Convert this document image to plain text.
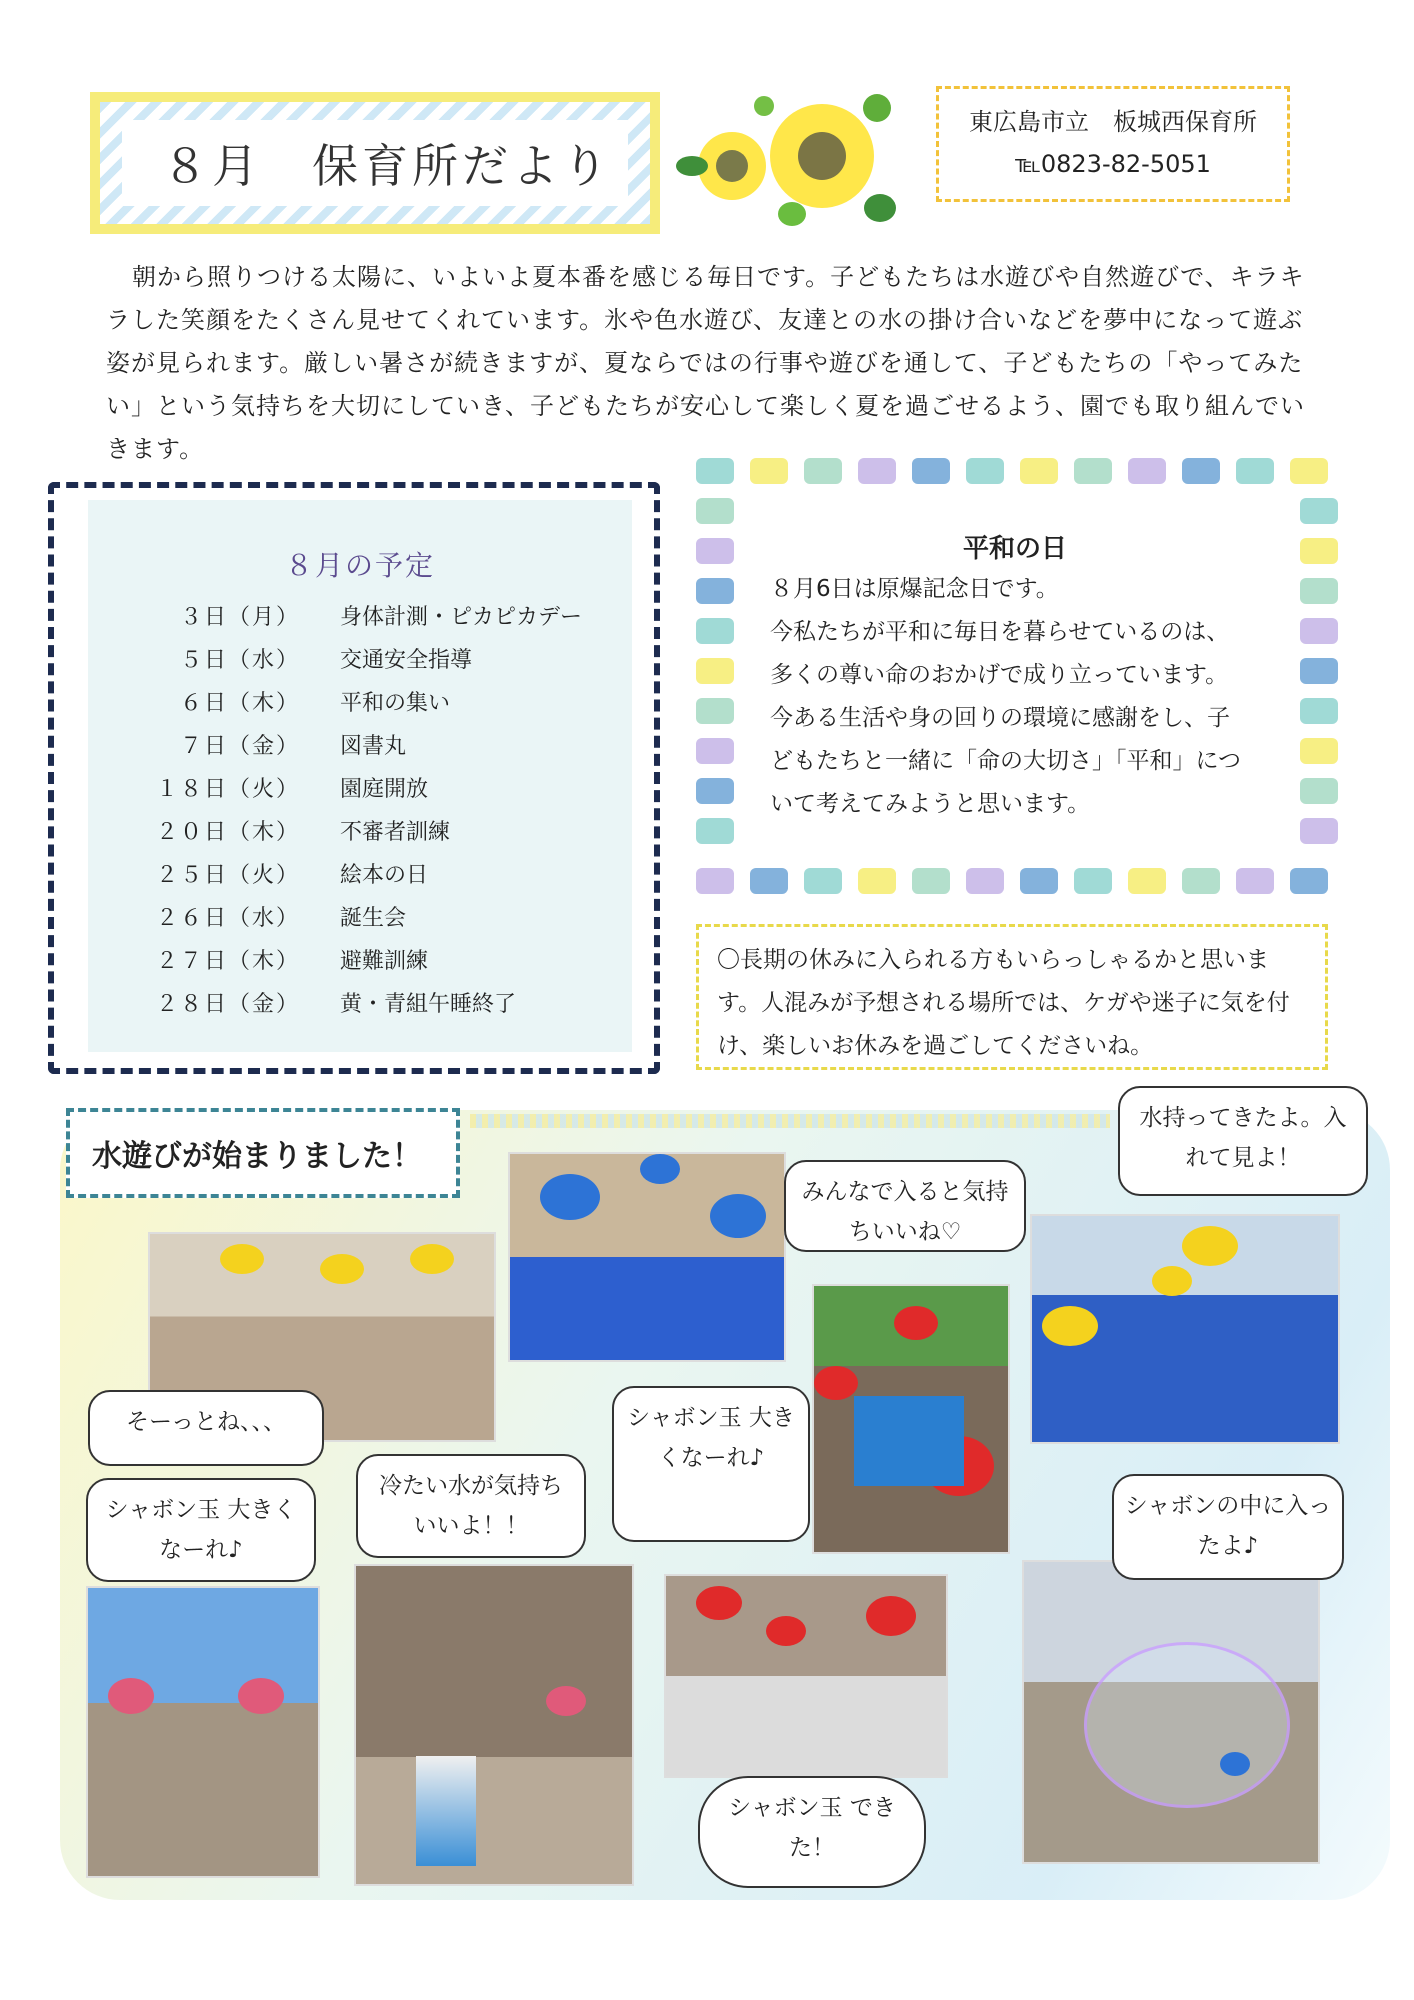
８月　保育所だより
東広島市立　板城西保育所
℡0823-82-5051
朝から照りつける太陽に、いよいよ夏本番を感じる毎日です。子どもたちは水遊びや自然遊びで、キラキラした笑顔をたくさん見せてくれています。氷や色水遊び、友達との水の掛け合いなどを夢中になって遊ぶ姿が見られます。厳しい暑さが続きますが、夏ならではの行事や遊びを通して、子どもたちの「やってみたい」という気持ちを大切にしていき、子どもたちが安心して楽しく夏を過ごせるよう、園でも取り組んでいきます。
８月の予定
３日（月） 身体計測・ピカピカデー
５日（水） 交通安全指導
６日（木） 平和の集い
７日（金） 図書丸
１８日（火） 園庭開放
２０日（木） 不審者訓練
２５日（火） 絵本の日
２６日（水） 誕生会
２７日（木） 避難訓練
２８日（金） 黄・青組午睡終了
平和の日
８月6日は原爆記念日です。
今私たちが平和に毎日を暮らせているのは、
多くの尊い命のおかげで成り立っています。
今ある生活や身の回りの環境に感謝をし、子
どもたちと一緒に「命の大切さ」「平和」につ
いて考えてみようと思います。
〇長期の休みに入られる方もいらっしゃるかと思います。人混みが予想される場所では、ケガや迷子に気を付け、楽しいお休みを過ごしてくださいね。
水遊びが始まりました！
みんなで入ると気持ちいいね♡
水持ってきたよ。入れて見よ！
そーっとね、、、	シャボン玉 大きくなーれ♪
シャボン玉 大きくなーれ♪
冷たい水が気持ちいいよ！！
シャボンの中に入ったよ♪
シャボン玉 できた！
